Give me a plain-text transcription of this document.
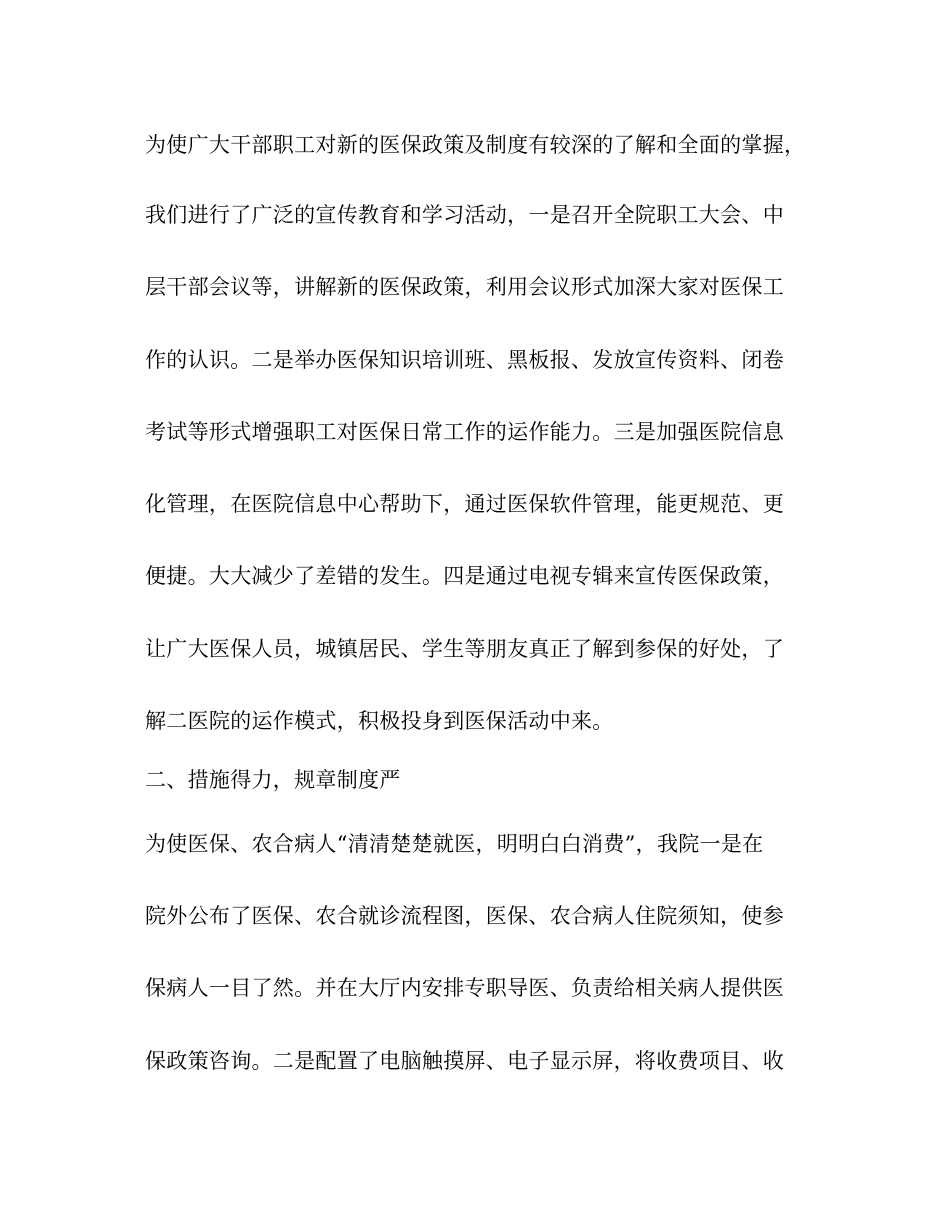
为使广大干部职工对新的医保政策及制度有较深的了解和全面的掌握，
我们进行了广泛的宣传教育和学习活动，一是召开全院职工大会、中
层干部会议等，讲解新的医保政策，利用会议形式加深大家对医保工
作的认识。二是举办医保知识培训班、黑板报、发放宣传资料、闭卷
考试等形式增强职工对医保日常工作的运作能力。三是加强医院信息
化管理，在医院信息中心帮助下，通过医保软件管理，能更规范、更
便捷。大大减少了差错的发生。四是通过电视专辑来宣传医保政策，
让广大医保人员，城镇居民、学生等朋友真正了解到参保的好处，了
解二医院的运作模式，积极投身到医保活动中来。
二、措施得力，规章制度严
为使医保、农合病人“清清楚楚就医，明明白白消费”，我院一是在
院外公布了医保、农合就诊流程图，医保、农合病人住院须知，使参
保病人一目了然。并在大厅内安排专职导医、负责给相关病人提供医
保政策咨询。二是配置了电脑触摸屏、电子显示屏，将收费项目、收
